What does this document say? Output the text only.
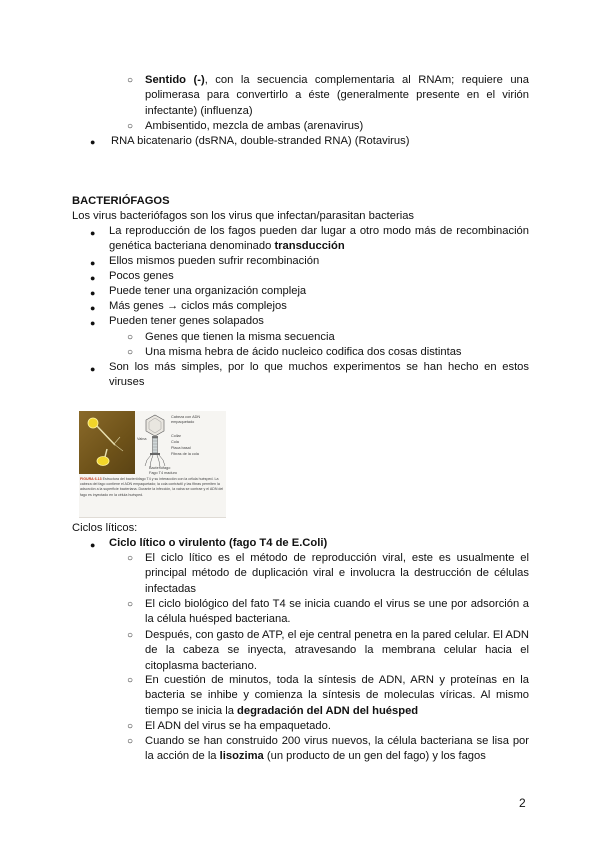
○	Sentido (-), con la secuencia complementaria al RNAm; requiere una polimerasa para convertirlo a éste (generalmente presente en el virión infectante) (influenza)
○	Ambisentido, mezcla de ambas (arenavirus)
●	RNA bicatenario (dsRNA, double-stranded RNA) (Rotavirus)
BACTERIÓFAGOS
Los virus bacteriófagos son los virus que infectan/parasitan bacterias
●	La reproducción de los fagos pueden dar lugar a otro modo más de recombinación genética bacteriana denominado transducción
●	Ellos mismos pueden sufrir recombinación
●	Pocos genes
●	Puede tener una organización compleja
●	Más genes → ciclos más complejos
●	Pueden tener genes solapados
○	Genes que tienen la misma secuencia
○	Una misma hebra de ácido nucleico codifica dos cosas distintas
●	Son los más simples, por lo que muchos experimentos se han hecho en estos viruses
Cabeza con ADN
empaquetado
Collar
Cola
Placa basal
Fibras de la cola
Vaina
Bacteriófago
Fago T4 maduro
FIGURA 6.13 Estructura del bacteriófago T4 y su interacción con la célula huésped. La cabeza del fago contiene el ADN empaquetado; la cola contráctil y las fibras permiten la adsorción a la superficie bacteriana. Durante la infección, la vaina se contrae y el ADN del fago es inyectado en la célula huésped.
Ciclos líticos:
●	Ciclo lítico o virulento (fago T4 de E.Coli)
○	El ciclo lítico es el método de reproducción viral, este es usualmente el principal método de duplicación viral e involucra la destrucción de células infectadas
○	El ciclo biológico del fato T4 se inicia cuando el virus se une por adsorción a la célula huésped bacteriana.
○	Después, con gasto de ATP, el eje central penetra en la pared celular. El ADN de la cabeza se inyecta, atravesando la membrana celular hacia el citoplasma bacteriano.
○	En cuestión de minutos, toda la síntesis de ADN, ARN y proteínas en la bacteria se inhibe y comienza la síntesis de moleculas víricas. Al mismo tiempo se inicia la degradación del ADN del huésped
○	El ADN del virus se ha empaquetado.
○	Cuando se han construido 200 virus nuevos, la célula bacteriana se lisa por la acción de la lisozima (un producto de un gen del fago) y los fagos
2
